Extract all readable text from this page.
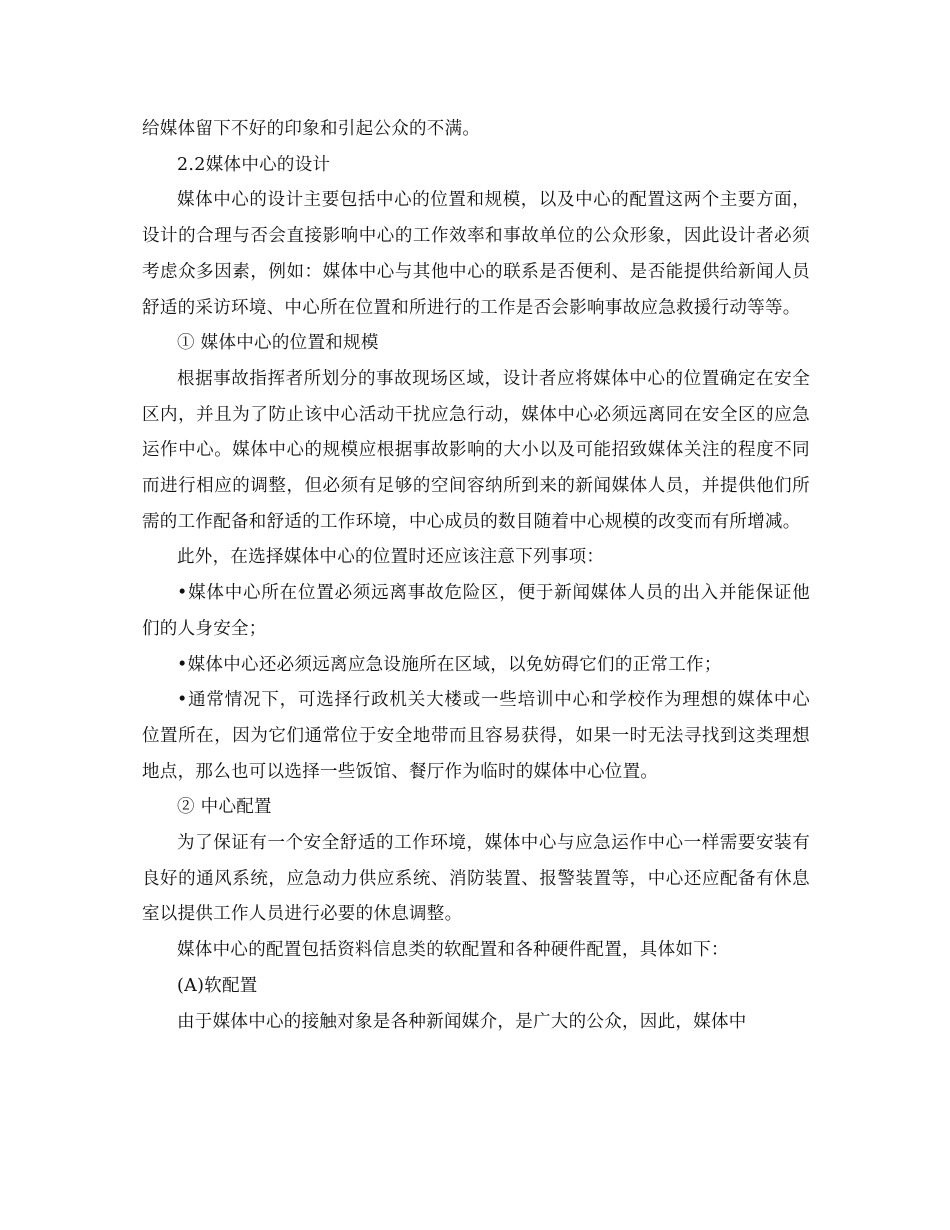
给媒体留下不好的印象和引起公众的不满。

2.2媒体中心的设计

媒体中心的设计主要包括中心的位置和规模，以及中心的配置这两个主要方面，设计的合理与否会直接影响中心的工作效率和事故单位的公众形象，因此设计者必须考虑众多因素，例如：媒体中心与其他中心的联系是否便利、是否能提供给新闻人员舒适的采访环境、中心所在位置和所进行的工作是否会影响事故应急救援行动等等。

① 媒体中心的位置和规模

根据事故指挥者所划分的事故现场区域，设计者应将媒体中心的位置确定在安全区内，并且为了防止该中心活动干扰应急行动，媒体中心必须远离同在安全区的应急运作中心。媒体中心的规模应根据事故影响的大小以及可能招致媒体关注的程度不同而进行相应的调整，但必须有足够的空间容纳所到来的新闻媒体人员，并提供他们所需的工作配备和舒适的工作环境，中心成员的数目随着中心规模的改变而有所增减。

此外，在选择媒体中心的位置时还应该注意下列事项：

•媒体中心所在位置必须远离事故危险区，便于新闻媒体人员的出入并能保证他们的人身安全；

•媒体中心还必须远离应急设施所在区域，以免妨碍它们的正常工作；

•通常情况下，可选择行政机关大楼或一些培训中心和学校作为理想的媒体中心位置所在，因为它们通常位于安全地带而且容易获得，如果一时无法寻找到这类理想地点，那么也可以选择一些饭馆、餐厅作为临时的媒体中心位置。

② 中心配置

为了保证有一个安全舒适的工作环境，媒体中心与应急运作中心一样需要安装有良好的通风系统，应急动力供应系统、消防装置、报警装置等，中心还应配备有休息室以提供工作人员进行必要的休息调整。

媒体中心的配置包括资料信息类的软配置和各种硬件配置，具体如下：

(A)软配置

由于媒体中心的接触对象是各种新闻媒介，是广大的公众，因此，媒体中
